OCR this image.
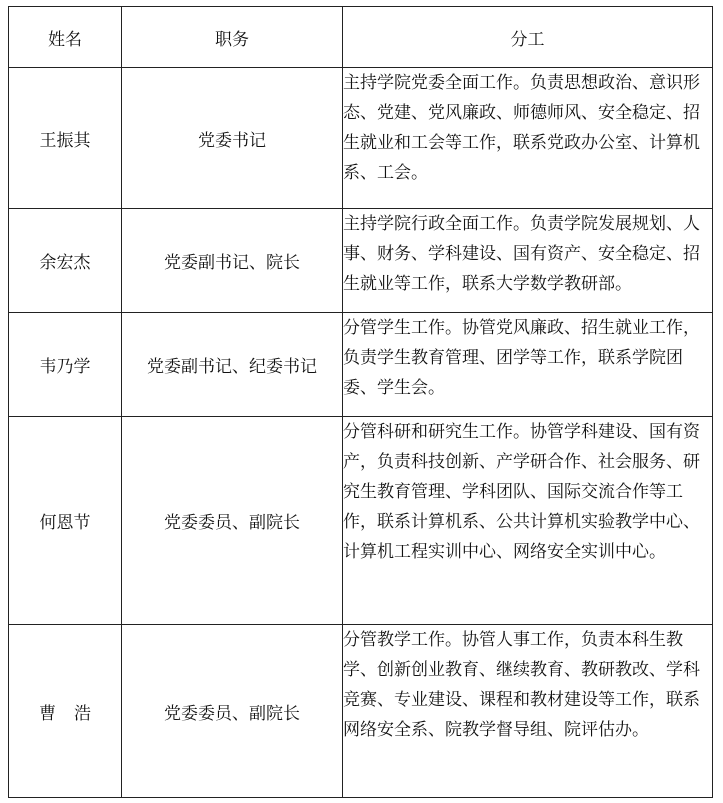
姓名	职务	分工
王振其	党委书记	主持学院党委全面工作。负责思想政治、意识形态、党建、党风廉政、师德师风、安全稳定、招生就业和工会等工作，联系党政办公室、计算机系、工会。
余宏杰	党委副书记、院长	主持学院行政全面工作。负责学院发展规划、人事、财务、学科建设、国有资产、安全稳定、招生就业等工作，联系大学数学教研部。
韦乃学	党委副书记、纪委书记	分管学生工作。协管党风廉政、招生就业工作，负责学生教育管理、团学等工作，联系学院团委、学生会。
何恩节	党委委员、副院长	分管科研和研究生工作。协管学科建设、国有资产，负责科技创新、产学研合作、社会服务、研究生教育管理、学科团队、国际交流合作等工作，联系计算机系、公共计算机实验教学中心、计算机工程实训中心、网络安全实训中心。
曹浩	党委委员、副院长	分管教学工作。协管人事工作，负责本科生教学、创新创业教育、继续教育、教研教改、学科竞赛、专业建设、课程和教材建设等工作，联系网络安全系、院教学督导组、院评估办。
